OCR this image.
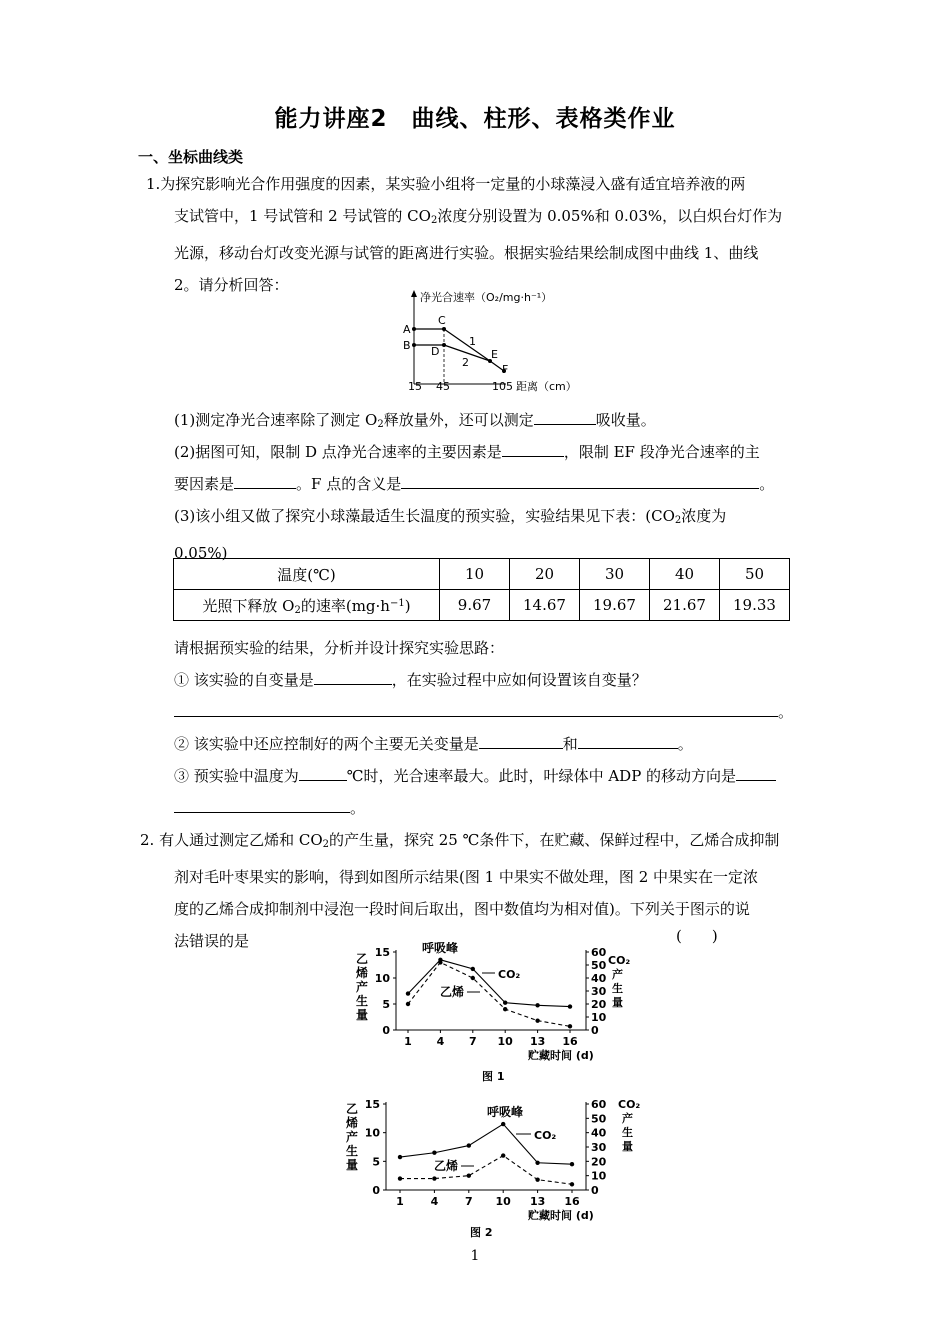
能力讲座2　曲线、柱形、表格类作业
一、坐标曲线类
1.为探究影响光合作用强度的因素，某实验小组将一定量的小球藻浸入盛有适宜培养液的两
支试管中，1 号试管和 2 号试管的 $CO_2$浓度分别设置为 0.05%和 0.03%，以白炽台灯作为
光源，移动台灯改变光源与试管的距离进行实验。根据实验结果绘制成图中曲线 1、曲线
2。请分析回答：
净光合速率（O₂/mg·h⁻¹）
距离（cm）
A
B
C
D	E
F
1
2
15 45	105
(1)测定净光合速率除了测定 $O_2$释放量外，还可以测定	吸收量。
(2)据图可知，限制 D 点净光合速率的主要因素是	，限制 EF 段净光合速率的主
要因素是	。F 点的含义是	。
(3)该小组又做了探究小球藻最适生长温度的预实验，实验结果见下表：($CO_2$浓度为
0.05%)
温度(℃)	10	20	30	40	50
光照下释放 $O_2$的速率$(mg\cdot h^{-1})$	9.67	14.67	19.67	21.67	19.33
请根据预实验的结果，分析并设计探究实验思路：
① 该实验的自变量是	，在实验过程中应如何设置该自变量？
。
② 该实验中还应控制好的两个主要无关变量是	和	。
③ 预实验中温度为	℃时，光合速率最大。此时，叶绿体中 ADP 的移动方向是
。
2. 有人通过测定乙烯和 $CO_2$的产生量，探究 25 ℃条件下，在贮藏、保鲜过程中，乙烯合成抑制
剂对毛叶枣果实的影响，得到如图所示结果(图 1 中果实不做处理，图 2 中果实在一定浓
度的乙烯合成抑制剂中浸泡一段时间后取出，图中数值均为相对值)。下列关于图示的说
法错误的是	(　　)
乙
烯
产
生
量
CO₂
产
生
量
1 4 7 10 13 16
0
5
10
15
0
10
20
30
40
50
60
呼吸峰
CO₂
乙烯
贮藏时间 (d)
图 1
乙
烯
产
生
量
CO₂
产
生
量
1 4 7 10 13 16
0
5
10
15
0
10
20
30
40
50
60
呼吸峰
CO₂
乙烯
贮藏时间 (d)
图 2
1
